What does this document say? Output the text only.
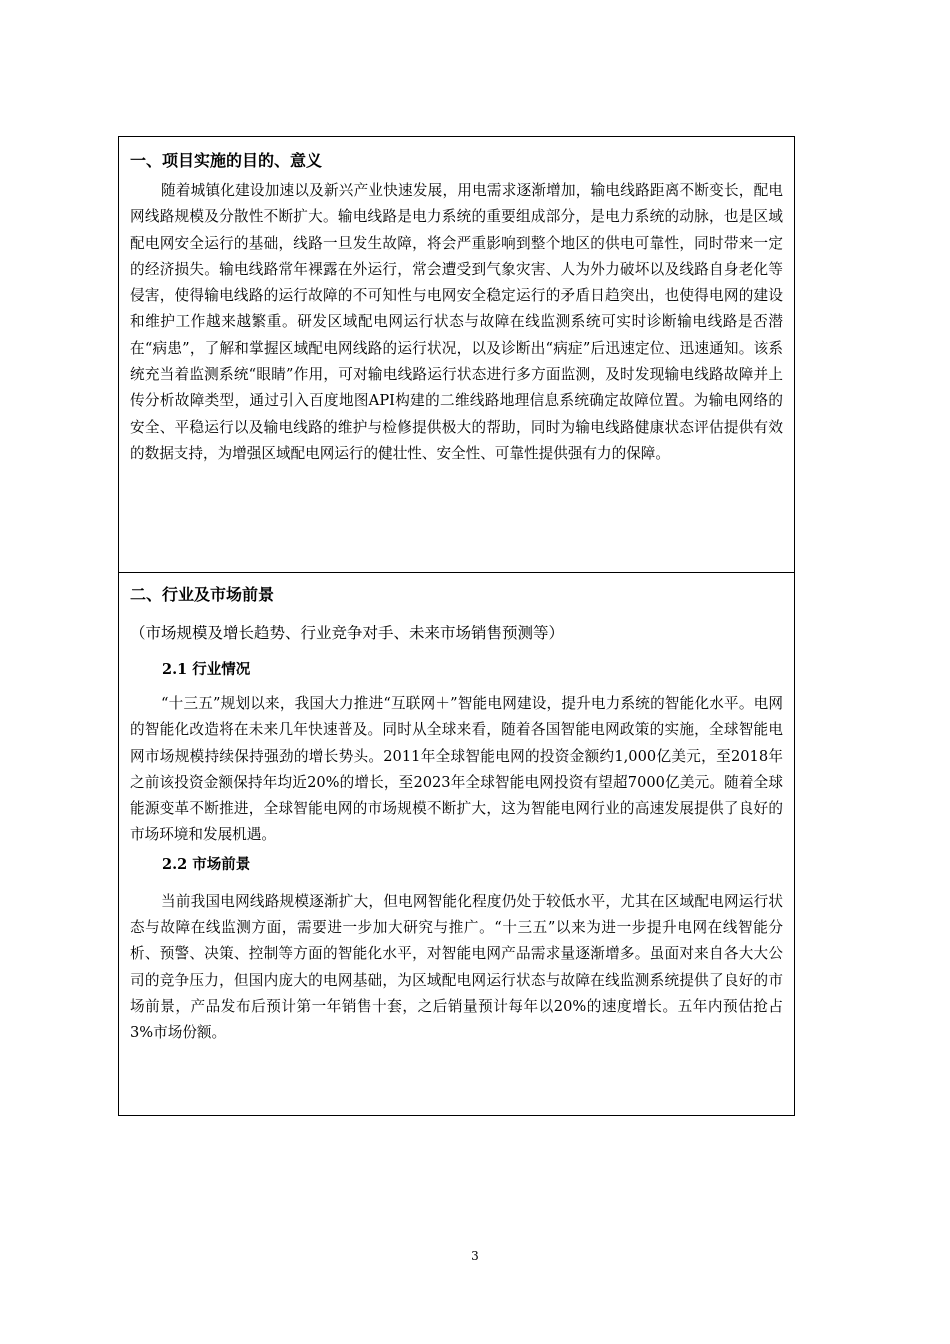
一、项目实施的目的、意义

随着城镇化建设加速以及新兴产业快速发展，用电需求逐渐增加，输电线路距离不断变长，配电网线路规模及分散性不断扩大。输电线路是电力系统的重要组成部分，是电力系统的动脉，也是区域配电网安全运行的基础，线路一旦发生故障，将会严重影响到整个地区的供电可靠性，同时带来一定的经济损失。输电线路常年裸露在外运行，常会遭受到气象灾害、人为外力破坏以及线路自身老化等侵害，使得输电线路的运行故障的不可知性与电网安全稳定运行的矛盾日趋突出，也使得电网的建设和维护工作越来越繁重。研发区域配电网运行状态与故障在线监测系统可实时诊断输电线路是否潜在“病患”，了解和掌握区域配电网线路的运行状况，以及诊断出“病症”后迅速定位、迅速通知。该系统充当着监测系统“眼睛”作用，可对输电线路运行状态进行多方面监测，及时发现输电线路故障并上传分析故障类型，通过引入百度地图API构建的二维线路地理信息系统确定故障位置。为输电网络的安全、平稳运行以及输电线路的维护与检修提供极大的帮助，同时为输电线路健康状态评估提供有效的数据支持，为增强区域配电网运行的健壮性、安全性、可靠性提供强有力的保障。

二、行业及市场前景

（市场规模及增长趋势、行业竞争对手、未来市场销售预测等）

2.1 行业情况

“十三五”规划以来，我国大力推进“互联网＋”智能电网建设，提升电力系统的智能化水平。电网的智能化改造将在未来几年快速普及。同时从全球来看，随着各国智能电网政策的实施，全球智能电网市场规模持续保持强劲的增长势头。2011年全球智能电网的投资金额约1,000亿美元，至2018年之前该投资金额保持年均近20%的增长，至2023年全球智能电网投资有望超7000亿美元。随着全球能源变革不断推进，全球智能电网的市场规模不断扩大，这为智能电网行业的高速发展提供了良好的市场环境和发展机遇。

2.2 市场前景

当前我国电网线路规模逐渐扩大，但电网智能化程度仍处于较低水平，尤其在区域配电网运行状态与故障在线监测方面，需要进一步加大研究与推广。“十三五”以来为进一步提升电网在线智能分析、预警、决策、控制等方面的智能化水平，对智能电网产品需求量逐渐增多。虽面对来自各大大公司的竞争压力，但国内庞大的电网基础，为区域配电网运行状态与故障在线监测系统提供了良好的市场前景，产品发布后预计第一年销售十套，之后销量预计每年以20%的速度增长。五年内预估抢占3%市场份额。

3
